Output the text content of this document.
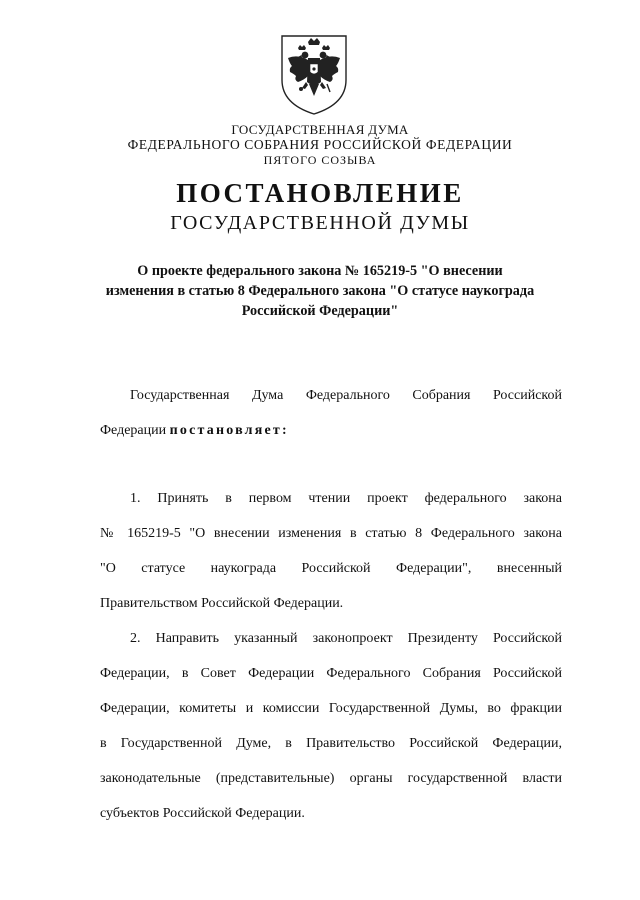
ГОСУДАРСТВЕННАЯ ДУМА
ФЕДЕРАЛЬНОГО СОБРАНИЯ РОССИЙСКОЙ ФЕДЕРАЦИИ
ПЯТОГО СОЗЫВА
ПОСТАНОВЛЕНИЕ
ГОСУДАРСТВЕННОЙ ДУМЫ
О проекте федерального закона № 165219-5 "О внесении
изменения в статью 8 Федерального закона "О статусе наукограда
Российской Федерации"
Государственная Дума Федерального Собрания Российской
Федерации постановляет:
1. Принять в первом чтении проект федерального закона
№ 165219-5 "О внесении изменения в статью 8 Федерального закона
"О статусе наукограда Российской Федерации", внесенный
Правительством Российской Федерации.
2. Направить указанный законопроект Президенту Российской
Федерации, в Совет Федерации Федерального Собрания Российской
Федерации, комитеты и комиссии Государственной Думы, во фракции
в Государственной Думе, в Правительство Российской Федерации,
законодательные (представительные) органы государственной власти
субъектов Российской Федерации.
